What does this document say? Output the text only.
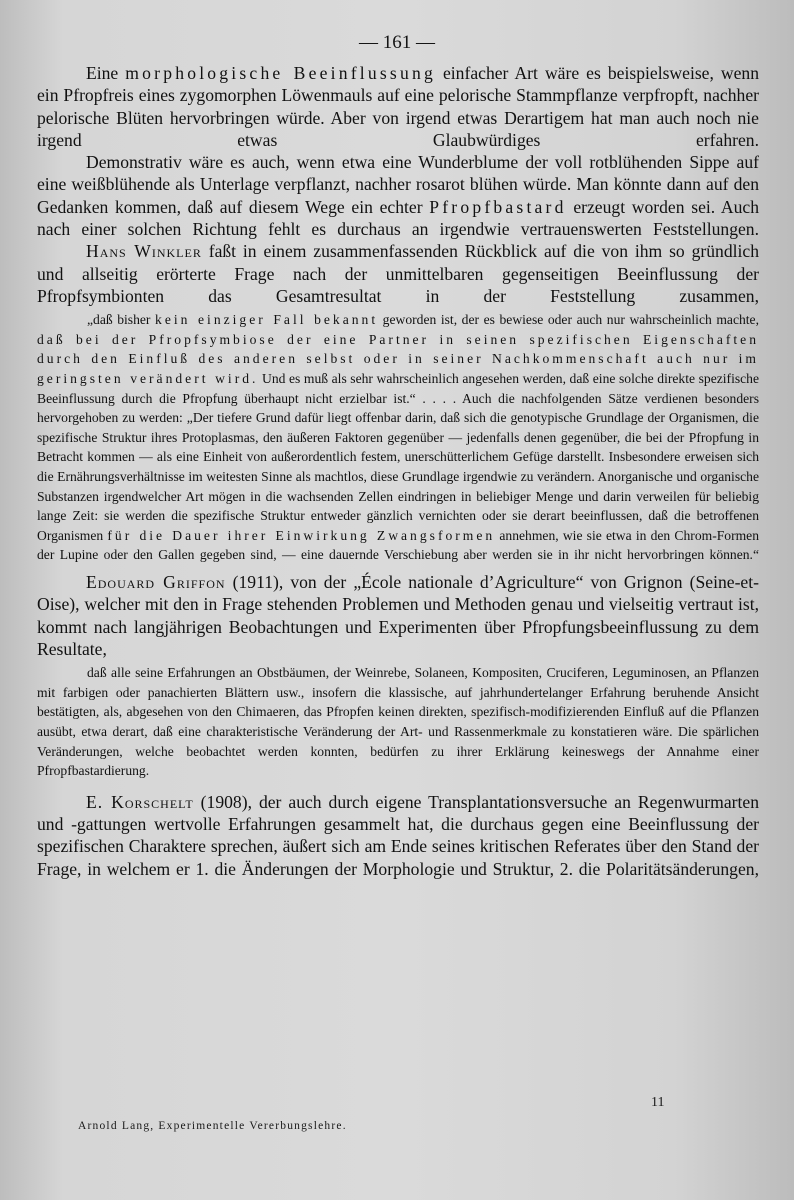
— 161 —

Eine morphologische Beeinflussung einfacher Art wäre es beispielsweise, wenn ein Pfropfreis eines zygomorphen Löwenmauls auf eine pelorische Stammpflanze verpfropft, nachher pelorische Blüten hervorbringen würde. Aber von irgend etwas Derartigem hat man auch noch nie irgend etwas Glaubwürdiges erfahren.

Demonstrativ wäre es auch, wenn etwa eine Wunderblume der voll rotblühenden Sippe auf eine weißblühende als Unterlage verpflanzt, nachher rosarot blühen würde. Man könnte dann auf den Gedanken kommen, daß auf diesem Wege ein echter Pfropfbastard erzeugt worden sei. Auch nach einer solchen Richtung fehlt es durchaus an irgendwie vertrauenswerten Feststellungen.

Hans Winkler faßt in einem zusammenfassenden Rückblick auf die von ihm so gründlich und allseitig erörterte Frage nach der unmittelbaren gegenseitigen Beeinflussung der Pfropfsymbionten das Gesamtresultat in der Feststellung zusammen,

„daß bisher kein einziger Fall bekannt geworden ist, der es bewiese oder auch nur wahrscheinlich machte, daß bei der Pfropfsymbiose der eine Partner in seinen spezifischen Eigenschaften durch den Einfluß des anderen selbst oder in seiner Nachkommenschaft auch nur im geringsten verändert wird. Und es muß als sehr wahrscheinlich angesehen werden, daß eine solche direkte spezifische Beeinflussung durch die Pfropfung überhaupt nicht erzielbar ist.“ . . . . Auch die nachfolgenden Sätze verdienen besonders hervorgehoben zu werden: „Der tiefere Grund dafür liegt offenbar darin, daß sich die genotypische Grundlage der Organismen, die spezifische Struktur ihres Protoplasmas, den äußeren Faktoren gegenüber — jedenfalls denen gegenüber, die bei der Pfropfung in Betracht kommen — als eine Einheit von außerordentlich festem, unerschütterlichem Gefüge darstellt. Insbesondere erweisen sich die Ernährungsverhältnisse im weitesten Sinne als machtlos, diese Grundlage irgendwie zu verändern. Anorganische und organische Substanzen irgendwelcher Art mögen in die wachsenden Zellen eindringen in beliebiger Menge und darin verweilen für beliebig lange Zeit: sie werden die spezifische Struktur entweder gänzlich vernichten oder sie derart beeinflussen, daß die betroffenen Organismen für die Dauer ihrer Einwirkung Zwangsformen annehmen, wie sie etwa in den Chrom-Formen der Lupine oder den Gallen gegeben sind, — eine dauernde Verschiebung aber werden sie in ihr nicht hervorbringen können.“

Edouard Griffon (1911), von der „École nationale d’Agriculture“ von Grignon (Seine-et-Oise), welcher mit den in Frage stehenden Problemen und Methoden genau und vielseitig vertraut ist, kommt nach langjährigen Beobachtungen und Experimenten über Pfropfungsbeeinflussung zu dem Resultate,

daß alle seine Erfahrungen an Obstbäumen, der Weinrebe, Solaneen, Kompositen, Cruciferen, Leguminosen, an Pflanzen mit farbigen oder panachierten Blättern usw., insofern die klassische, auf jahrhundertelanger Erfahrung beruhende Ansicht bestätigten, als, abgesehen von den Chimaeren, das Pfropfen keinen direkten, spezifisch-modifizierenden Einfluß auf die Pflanzen ausübt, etwa derart, daß eine charakteristische Veränderung der Art- und Rassenmerkmale zu konstatieren wäre. Die spärlichen Veränderungen, welche beobachtet werden konnten, bedürfen zu ihrer Erklärung keineswegs der Annahme einer Pfropfbastardierung.

E. Korschelt (1908), der auch durch eigene Transplantationsversuche an Regenwurmarten und -gattungen wertvolle Erfahrungen gesammelt hat, die durchaus gegen eine Beeinflussung der spezifischen Charaktere sprechen, äußert sich am Ende seines kritischen Referates über den Stand der Frage, in welchem er 1. die Änderungen der Morphologie und Struktur, 2. die Polaritätsänderungen,

11
Arnold Lang, Experimentelle Vererbungslehre.
